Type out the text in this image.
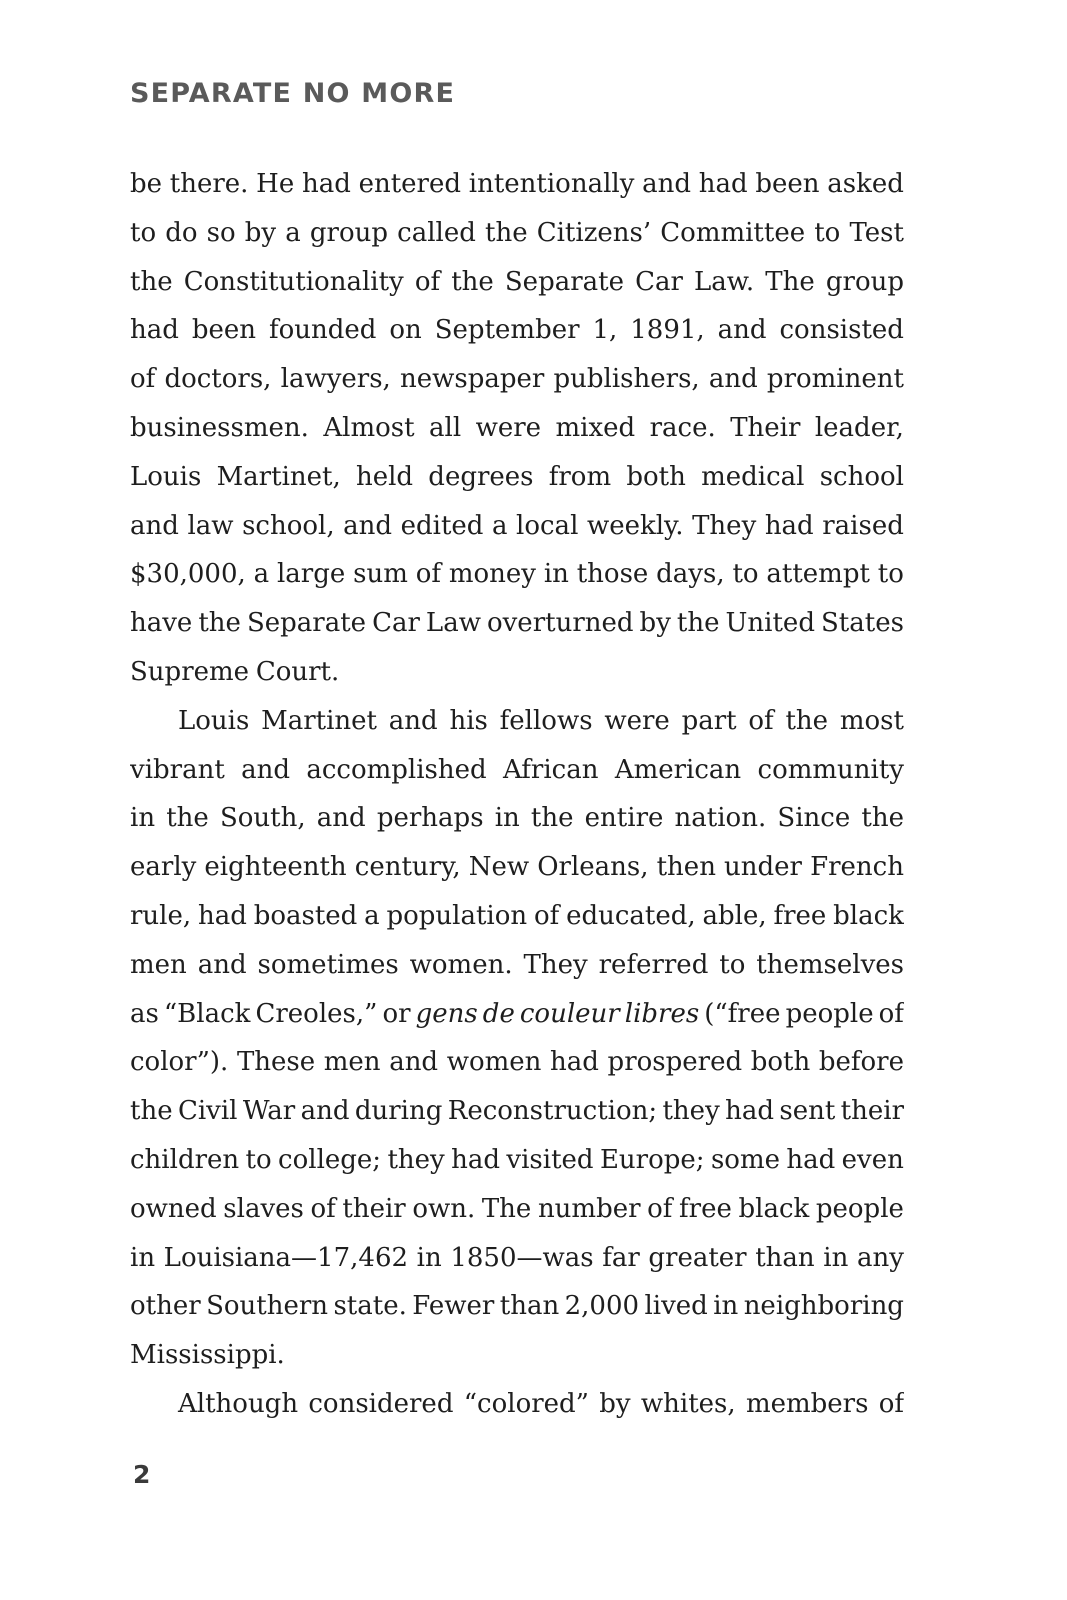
SEPARATE NO MORE
be there. He had entered intentionally and had been asked
to do so by a group called the Citizens’ Committee to Test
the Constitutionality of the Separate Car Law. The group
had been founded on September 1, 1891, and consisted
of doctors, lawyers, newspaper publishers, and prominent
businessmen. Almost all were mixed race. Their leader,
Louis Martinet, held degrees from both medical school
and law school, and edited a local weekly. They had raised
$30,000, a large sum of money in those days, to attempt to
have the Separate Car Law overturned by the United States
Supreme Court.
Louis Martinet and his fellows were part of the most
vibrant and accomplished African American community
in the South, and perhaps in the entire nation. Since the
early eighteenth century, New Orleans, then under French
rule, had boasted a population of educated, able, free black
men and sometimes women. They referred to themselves
as “Black Creoles,” or gens de couleur libres (“free people of
color”). These men and women had prospered both before
the Civil War and during Reconstruction; they had sent their
children to college; they had visited Europe; some had even
owned slaves of their own. The number of free black people
in Louisiana—17,462 in 1850—was far greater than in any
other Southern state. Fewer than 2,000 lived in neighboring
Mississippi.
Although considered “colored” by whites, members of
2
